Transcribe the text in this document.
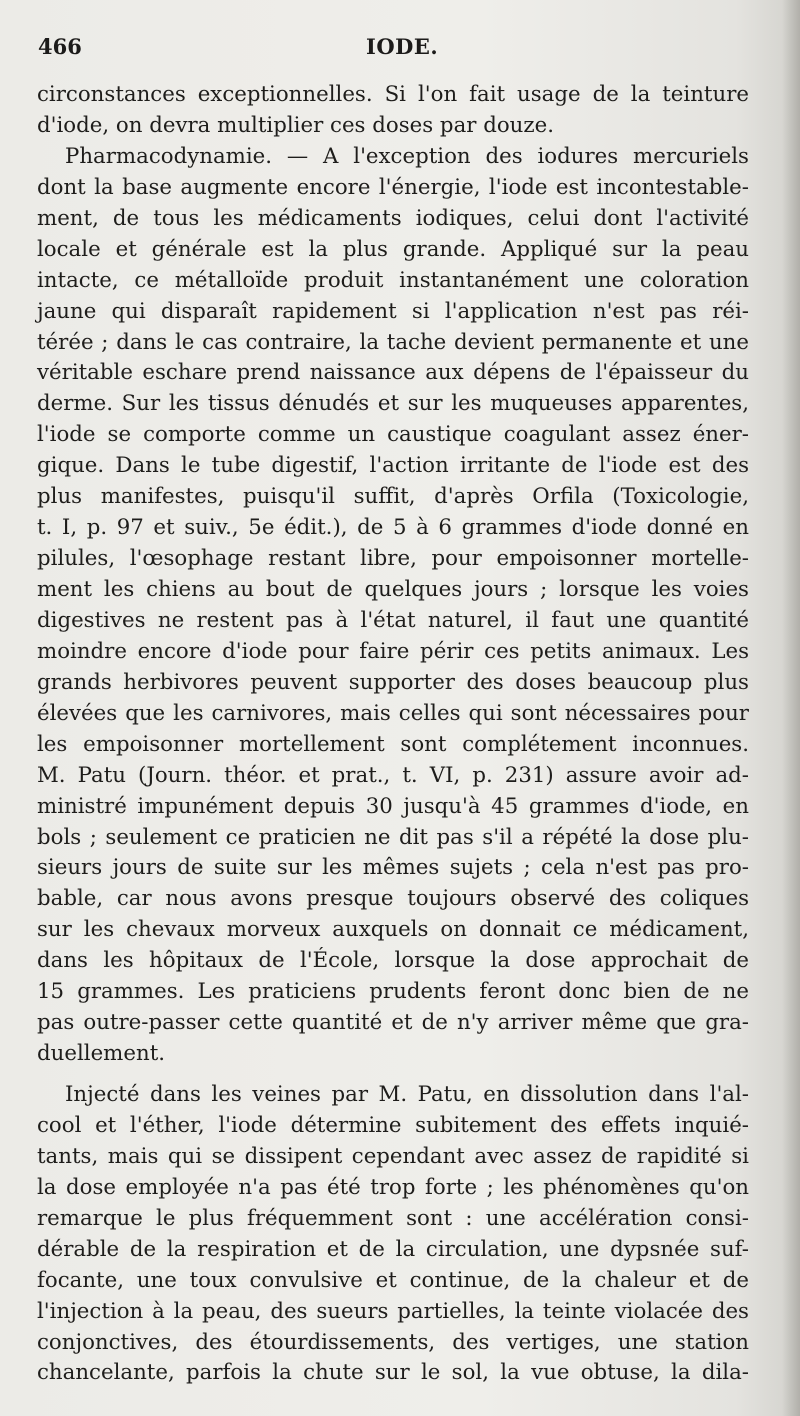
466	IODE.
circonstances exceptionnelles. Si l'on fait usage de la teinture
d'iode, on devra multiplier ces doses par douze.
Pharmacodynamie. — A l'exception des iodures mercuriels
dont la base augmente encore l'énergie, l'iode est incontestable-
ment, de tous les médicaments iodiques, celui dont l'activité
locale et générale est la plus grande. Appliqué sur la peau
intacte, ce métalloïde produit instantanément une coloration
jaune qui disparaît rapidement si l'application n'est pas réi-
térée ; dans le cas contraire, la tache devient permanente et une
véritable eschare prend naissance aux dépens de l'épaisseur du
derme. Sur les tissus dénudés et sur les muqueuses apparentes,
l'iode se comporte comme un caustique coagulant assez éner-
gique. Dans le tube digestif, l'action irritante de l'iode est des
plus manifestes, puisqu'il suffit, d'après Orfila (Toxicologie,
t. I, p. 97 et suiv., 5e édit.), de 5 à 6 grammes d'iode donné en
pilules, l'œsophage restant libre, pour empoisonner mortelle-
ment les chiens au bout de quelques jours ; lorsque les voies
digestives ne restent pas à l'état naturel, il faut une quantité
moindre encore d'iode pour faire périr ces petits animaux. Les
grands herbivores peuvent supporter des doses beaucoup plus
élevées que les carnivores, mais celles qui sont nécessaires pour
les empoisonner mortellement sont complétement inconnues.
M. Patu (Journ. théor. et prat., t. VI, p. 231) assure avoir ad-
ministré impunément depuis 30 jusqu'à 45 grammes d'iode, en
bols ; seulement ce praticien ne dit pas s'il a répété la dose plu-
sieurs jours de suite sur les mêmes sujets ; cela n'est pas pro-
bable, car nous avons presque toujours observé des coliques
sur les chevaux morveux auxquels on donnait ce médicament,
dans les hôpitaux de l'École, lorsque la dose approchait de
15 grammes. Les praticiens prudents feront donc bien de ne
pas outre-passer cette quantité et de n'y arriver même que gra-
duellement.
Injecté dans les veines par M. Patu, en dissolution dans l'al-
cool et l'éther, l'iode détermine subitement des effets inquié-
tants, mais qui se dissipent cependant avec assez de rapidité si
la dose employée n'a pas été trop forte ; les phénomènes qu'on
remarque le plus fréquemment sont : une accélération consi-
dérable de la respiration et de la circulation, une dypsnée suf-
focante, une toux convulsive et continue, de la chaleur et de
l'injection à la peau, des sueurs partielles, la teinte violacée des
conjonctives, des étourdissements, des vertiges, une station
chancelante, parfois la chute sur le sol, la vue obtuse, la dila-
